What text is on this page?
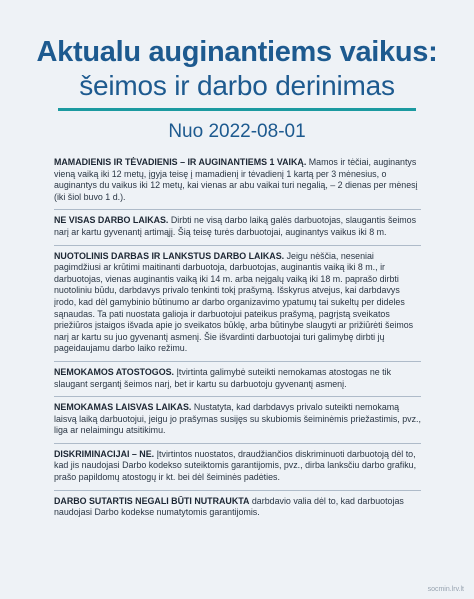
Aktualu auginantiems vaikus:
šeimos ir darbo derinimas
Nuo 2022-08-01
MAMADIENIS IR TĖVADIENIS – IR AUGINANTIEMS 1 VAIKĄ. Mamos ir tėčiai, auginantys vieną vaiką iki 12 metų, įgyja teisę į mamadienį ir tėvadienį 1 kartą per 3 mėnesius, o auginantys du vaikus iki 12 metų, kai vienas ar abu vaikai turi negalią, – 2 dienas per mėnesį (iki šiol buvo 1 d.).
NE VISAS DARBO LAIKAS. Dirbti ne visą darbo laiką galės darbuotojas, slaugantis šeimos narį ar kartu gyvenantį artimąjį. Šią teisę turės darbuotojai, auginantys vaikus iki 8 m.
NUOTOLINIS DARBAS IR LANKSTUS DARBO LAIKAS. Jeigu nėščia, neseniai pagimdžiusi ar krūtimi maitinanti darbuotoja, darbuotojas, auginantis vaiką iki 8 m., ir darbuotojas, vienas auginantis vaiką iki 14 m. arba neįgalų vaiką iki 18 m. paprašo dirbti nuotoliniu būdu, darbdavys privalo tenkinti tokį prašymą. Išskyrus atvejus, kai darbdavys įrodo, kad dėl gamybinio būtinumo ar darbo organizavimo ypatumų tai sukeltų per dideles sąnaudas. Ta pati nuostata galioja ir darbuotojui pateikus prašymą, pagrįstą sveikatos priežiūros įstaigos išvada apie jo sveikatos būklę, arba būtinybe slaugyti ar prižiūrėti šeimos narį ar kartu su juo gyvenantį asmenį. Šie išvardinti darbuotojai turi galimybę dirbti jų pageidaujamu darbo laiko režimu.
NEMOKAMOS ATOSTOGOS. Įtvirtinta galimybė suteikti nemokamas atostogas ne tik slaugant sergantį šeimos narį, bet ir kartu su darbuotoju gyvenantį asmenį.
NEMOKAMAS LAISVAS LAIKAS. Nustatyta, kad darbdavys privalo suteikti nemokamą laisvą laiką darbuotojui, jeigu jo prašymas susijęs su skubiomis šeiminėmis priežastimis, pvz., liga ar nelaimingu atsitikimu.
DISKRIMINACIJAI – NE. Įtvirtintos nuostatos, draudžiančios diskriminuoti darbuotoją dėl to, kad jis naudojasi Darbo kodekso suteiktomis garantijomis, pvz., dirba lanksčiu darbo grafiku, prašo papildomų atostogų ir kt. bei dėl šeiminės padėties.
DARBO SUTARTIS NEGALI BŪTI NUTRAUKTA darbdavio valia dėl to, kad darbuotojas naudojasi Darbo kodekse numatytomis garantijomis.
socmin.lrv.lt
